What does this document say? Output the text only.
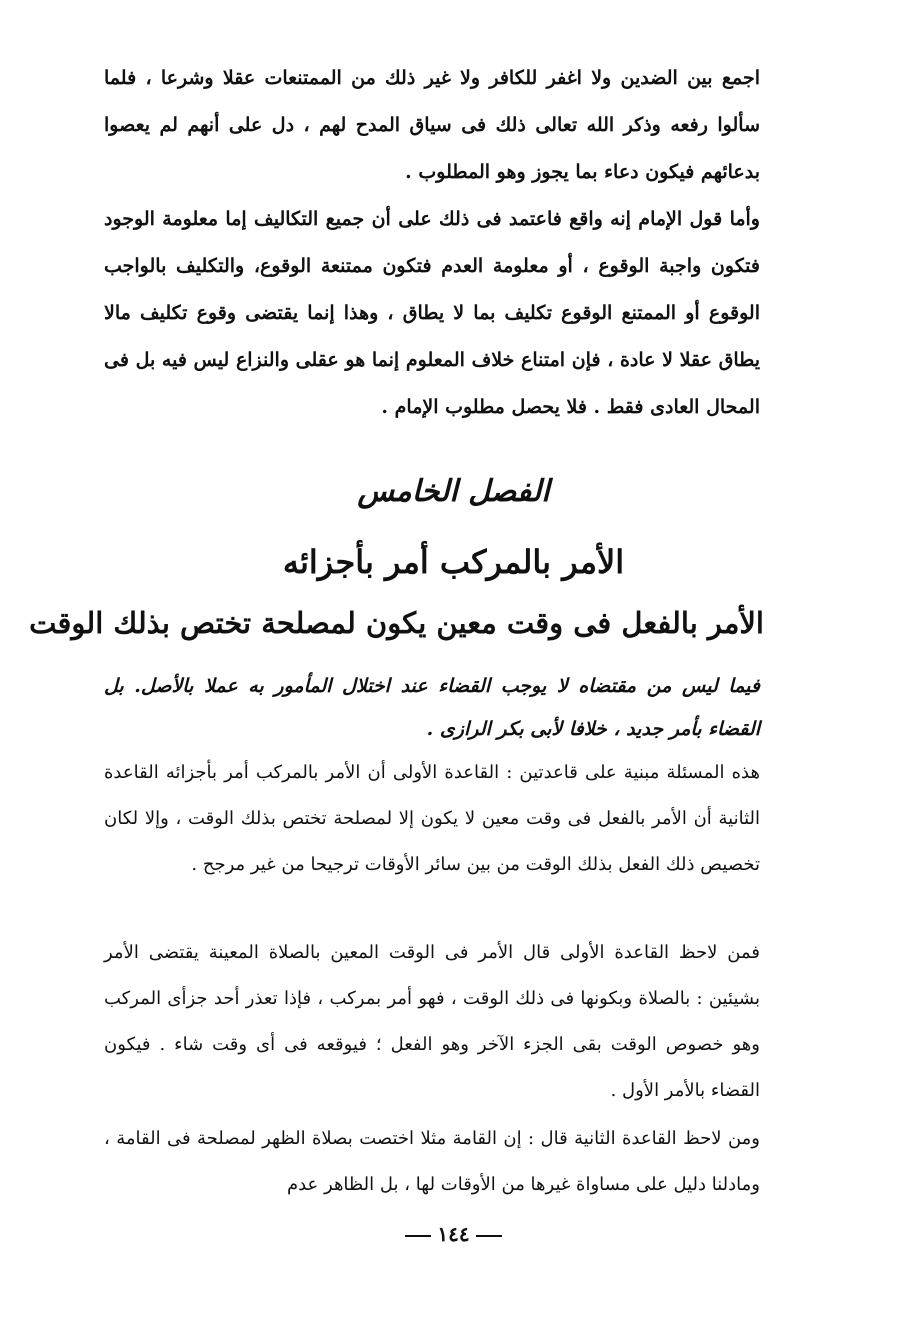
اجمع بين الضدين ولا اغفر للكافر ولا غير ذلك من الممتنعات عقلا وشرعا ، فلما سألوا رفعه وذكر الله تعالى ذلك فى سياق المدح لهم ، دل على أنهم لم يعصوا بدعائهم فيكون دعاء بما يجوز وهو المطلوب .

وأما قول الإمام إنه واقع فاعتمد فى ذلك على أن جميع التكاليف إما معلومة الوجود فتكون واجبة الوقوع ، أو معلومة العدم فتكون ممتنعة الوقوع، والتكليف بالواجب الوقوع أو الممتنع الوقوع تكليف بما لا يطاق ، وهذا إنما يقتضى وقوع تكليف مالا يطاق عقلا لا عادة ، فإن امتناع خلاف المعلوم إنما هو عقلى والنزاع ليس فيه بل فى المحال العادى فقط . فلا يحصل مطلوب الإمام .

الفصل الخامس
الأمر بالمركب أمر بأجزائه
الأمر بالفعل فى وقت معين يكون لمصلحة تختص بذلك الوقت

فيما ليس من مقتضاه لا يوجب القضاء عند اختلال المأمور به عملا بالأصل. بل القضاء بأمر جديد ، خلافا لأبى بكر الرازى .

هذه المسئلة مبنية على قاعدتين : القاعدة الأولى أن الأمر بالمركب أمر بأجزائه القاعدة الثانية أن الأمر بالفعل فى وقت معين لا يكون إلا لمصلحة تختص بذلك الوقت ، وإلا لكان تخصيص ذلك الفعل بذلك الوقت من بين سائر الأوقات ترجيحا من غير مرجح .

فمن لاحظ القاعدة الأولى قال الأمر فى الوقت المعين بالصلاة المعينة يقتضى الأمر بشيئين : بالصلاة وبكونها فى ذلك الوقت ، فهو أمر بمركب ، فإذا تعذر أحد جزأى المركب وهو خصوص الوقت بقى الجزء الآخر وهو الفعل ؛ فيوقعه فى أى وقت شاء . فيكون القضاء بالأمر الأول .

ومن لاحظ القاعدة الثانية قال : إن القامة مثلا اختصت بصلاة الظهر لمصلحة فى القامة ، ومادلنا دليل على مساواة غيرها من الأوقات لها ، بل الظاهر عدم

١٤٤
